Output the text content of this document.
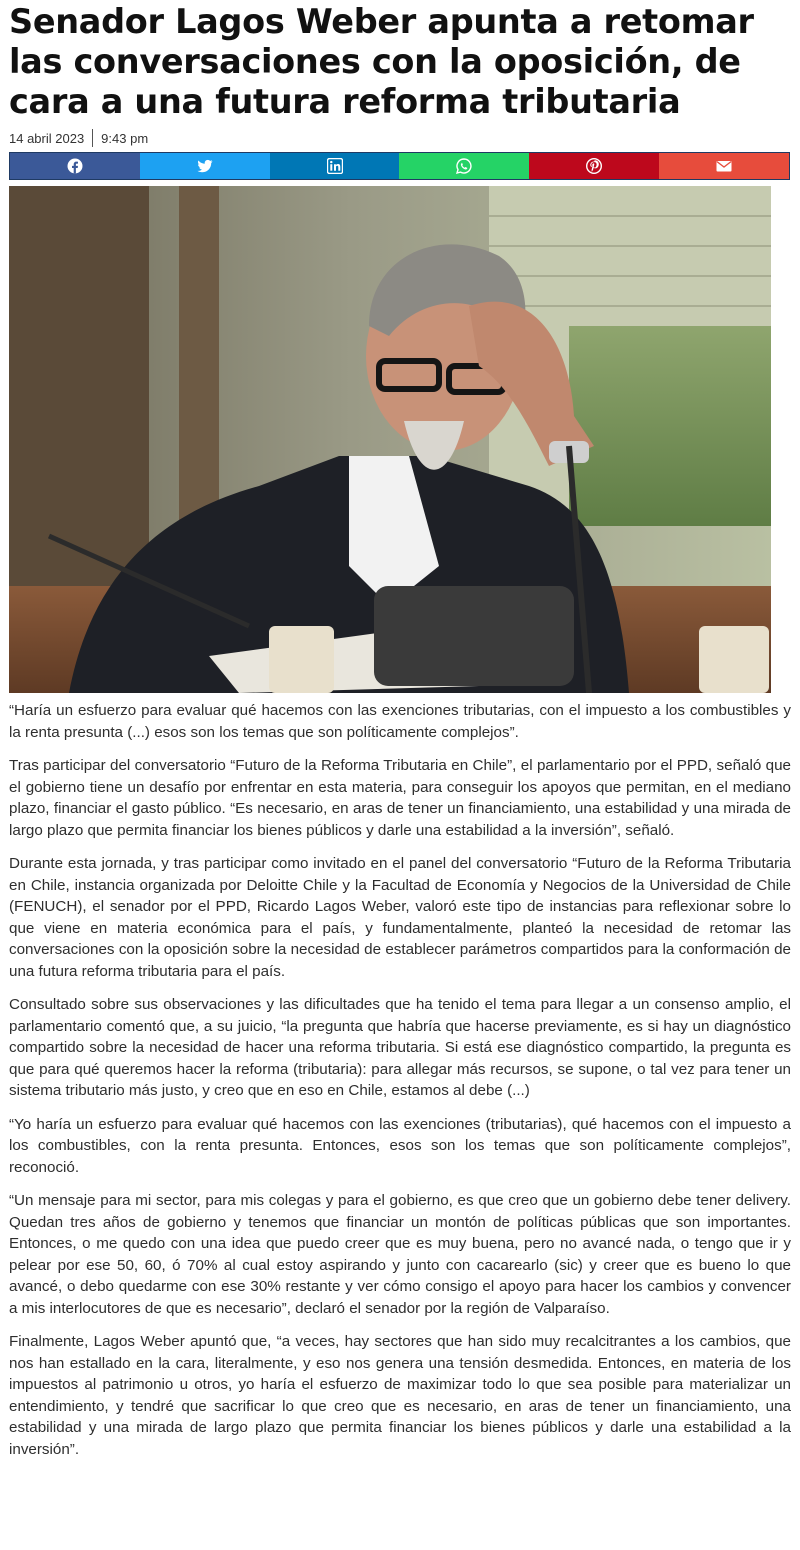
Senador Lagos Weber apunta a retomar las conversaciones con la oposición, de cara a una futura reforma tributaria
14 abril 2023 9:43 pm

“Haría un esfuerzo para evaluar qué hacemos con las exenciones tributarias, con el impuesto a los combustibles y la renta presunta (...) esos son los temas que son políticamente complejos”.

Tras participar del conversatorio “Futuro de la Reforma Tributaria en Chile”, el parlamentario por el PPD, señaló que el gobierno tiene un desafío por enfrentar en esta materia, para conseguir los apoyos que permitan, en el mediano plazo, financiar el gasto público. “Es necesario, en aras de tener un financiamiento, una estabilidad y una mirada de largo plazo que permita financiar los bienes públicos y darle una estabilidad a la inversión”, señaló.

Durante esta jornada, y tras participar como invitado en el panel del conversatorio “Futuro de la Reforma Tributaria en Chile, instancia organizada por Deloitte Chile y la Facultad de Economía y Negocios de la Universidad de Chile (FENUCH), el senador por el PPD, Ricardo Lagos Weber, valoró este tipo de instancias para reflexionar sobre lo que viene en materia económica para el país, y fundamentalmente, planteó la necesidad de retomar las conversaciones con la oposición sobre la necesidad de establecer parámetros compartidos para la conformación de una futura reforma tributaria para el país.

Consultado sobre sus observaciones y las dificultades que ha tenido el tema para llegar a un consenso amplio, el parlamentario comentó que, a su juicio, “la pregunta que habría que hacerse previamente, es si hay un diagnóstico compartido sobre la necesidad de hacer una reforma tributaria. Si está ese diagnóstico compartido, la pregunta es que para qué queremos hacer la reforma (tributaria): para allegar más recursos, se supone, o tal vez para tener un sistema tributario más justo, y creo que en eso en Chile, estamos al debe (...)

“Yo haría un esfuerzo para evaluar qué hacemos con las exenciones (tributarias), qué hacemos con el impuesto a los combustibles, con la renta presunta. Entonces, esos son los temas que son políticamente complejos”, reconoció.

“Un mensaje para mi sector, para mis colegas y para el gobierno, es que creo que un gobierno debe tener delivery. Quedan tres años de gobierno y tenemos que financiar un montón de políticas públicas que son importantes. Entonces, o me quedo con una idea que puedo creer que es muy buena, pero no avancé nada, o tengo que ir y pelear por ese 50, 60, ó 70% al cual estoy aspirando y junto con cacarearlo (sic) y creer que es bueno lo que avancé, o debo quedarme con ese 30% restante y ver cómo consigo el apoyo para hacer los cambios y convencer a mis interlocutores de que es necesario”, declaró el senador por la región de Valparaíso.

Finalmente, Lagos Weber apuntó que, “a veces, hay sectores que han sido muy recalcitrantes a los cambios, que nos han estallado en la cara, literalmente, y eso nos genera una tensión desmedida. Entonces, en materia de los impuestos al patrimonio u otros, yo haría el esfuerzo de maximizar todo lo que sea posible para materializar un entendimiento, y tendré que sacrificar lo que creo que es necesario, en aras de tener un financiamiento, una estabilidad y una mirada de largo plazo que permita financiar los bienes públicos y darle una estabilidad a la inversión”.
